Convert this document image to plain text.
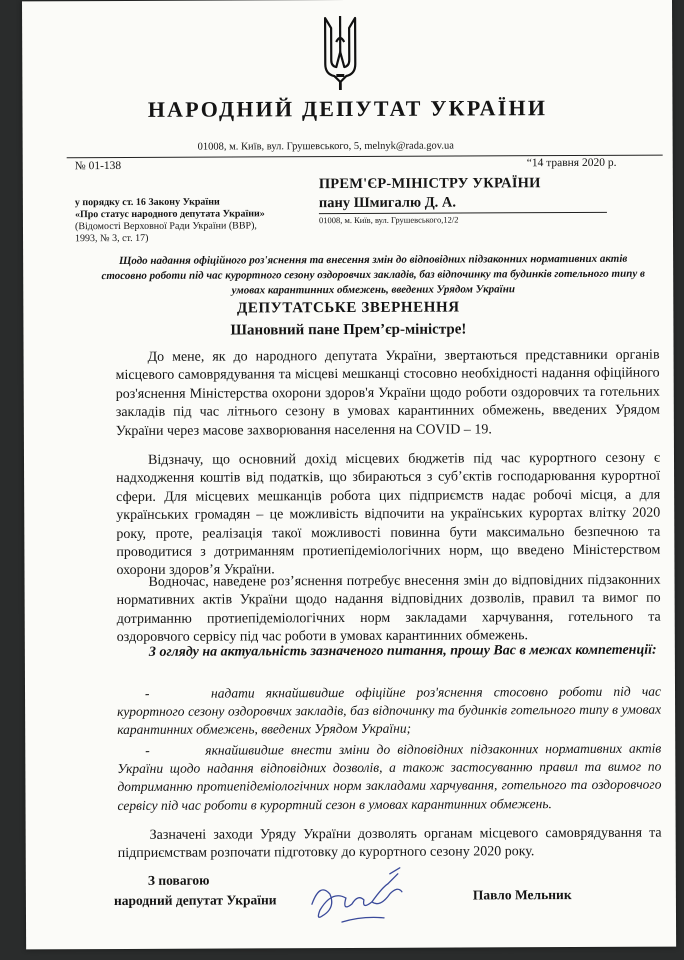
НАРОДНИЙ ДЕПУТАТ УКРАЇНИ
01008, м. Київ, вул. Грушевського, 5, melnyk@rada.gov.ua
№ 01-138	“14 травня 2020 р.
у порядку ст. 16 Закону України
«Про статус народного депутата України»
(Відомості Верховної Ради України (ВВР),
1993, № 3, ст. 17)
ПРЕМ'ЄР-МІНІСТРУ УКРАЇНИ
пану Шмигалю Д. А.
01008, м. Київ, вул. Грушевського,12/2
Щодо надання офіційного роз'яснення та внесення змін до відповідних підзаконних нормативних актів стосовно роботи під час курортного сезону оздоровчих закладів, баз відпочинку та будинків готельного типу в умовах карантинних обмежень, введених Урядом України
ДЕПУТАТСЬКЕ ЗВЕРНЕННЯ
Шановний пане Прем’єр-міністре!
До мене, як до народного депутата України, звертаються представники органів місцевого самоврядування та місцеві мешканці стосовно необхідності надання офіційного роз'яснення Міністерства охорони здоров'я України щодо роботи оздоровчих та готельних закладів під час літнього сезону в умовах карантинних обмежень, введених Урядом України через масове захворювання населення на COVID – 19.
Відзначу, що основний дохід місцевих бюджетів під час курортного сезону є надходження коштів від податків, що збираються з суб’єктів господарювання курортної сфери. Для місцевих мешканців робота цих підприємств надає робочі місця, а для українських громадян – це можливість відпочити на українських курортах влітку 2020 року, проте, реалізація такої можливості повинна бути максимально безпечною та проводитися з дотриманням протиепідеміологічних норм, що введено Міністерством охорони здоров’я України.
Водночас, наведене роз’яснення потребує внесення змін до відповідних підзаконних нормативних актів України щодо надання відповідних дозволів, правил та вимог по дотриманню протиепідеміологічних норм закладами харчування, готельного та оздоровчого сервісу під час роботи в умовах карантинних обмежень.
З огляду на актуальність зазначеного питання, прошу Вас в межах компетенції:
-	надати якнайшвидше офіційне роз'яснення стосовно роботи під час курортного сезону оздоровчих закладів, баз відпочинку та будинків готельного типу в умовах карантинних обмежень, введених Урядом України;
-	якнайшвидше внести зміни до відповідних підзаконних нормативних актів України щодо надання відповідних дозволів, а також застосуванню правил та вимог по дотриманню протиепідеміологічних норм закладами харчування, готельного та оздоровчого сервісу під час роботи в курортний сезон в умовах карантинних обмежень.
Зазначені заходи Уряду України дозволять органам місцевого самоврядування та підприємствам розпочати підготовку до курортного сезону 2020 року.
З повагою
народний депутат України	Павло Мельник
